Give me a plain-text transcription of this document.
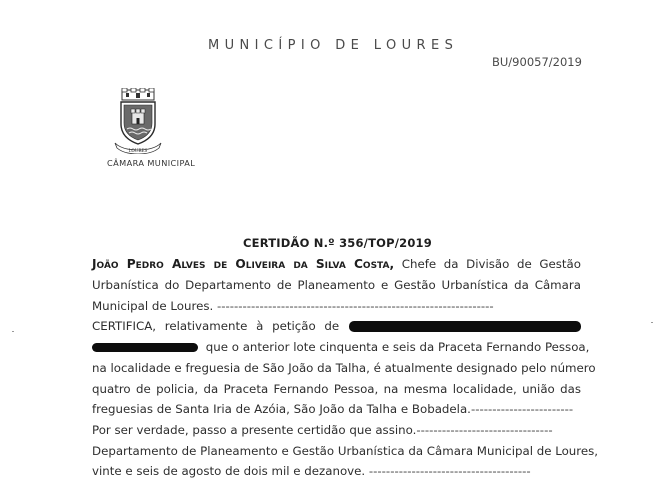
MUNICÍPIO DE LOURES
BU/90057/2019
LOURES
CÂMARA MUNICIPAL
CERTIDÃO N.º 356/TOP/2019
João Pedro Alves de Oliveira da Silva Costa, Chefe da Divisão de Gestão
Urbanística do Departamento de Planeamento e Gestão Urbanística da Câmara
Municipal de Loures. -----------------------------------------------------------------
CERTIFICA, relativamente à petição de
que o anterior lote cinquenta e seis da Praceta Fernando Pessoa,
na localidade e freguesia de São João da Talha, é atualmente designado pelo número
quatro de policia, da Praceta Fernando Pessoa, na mesma localidade, união das
freguesias de Santa Iria de Azóia, São João da Talha e Bobadela.------------------------
Por ser verdade, passo a presente certidão que assino.--------------------------------
Departamento de Planeamento e Gestão Urbanística da Câmara Municipal de Loures,
vinte e seis de agosto de dois mil e dezanove. --------------------------------------
